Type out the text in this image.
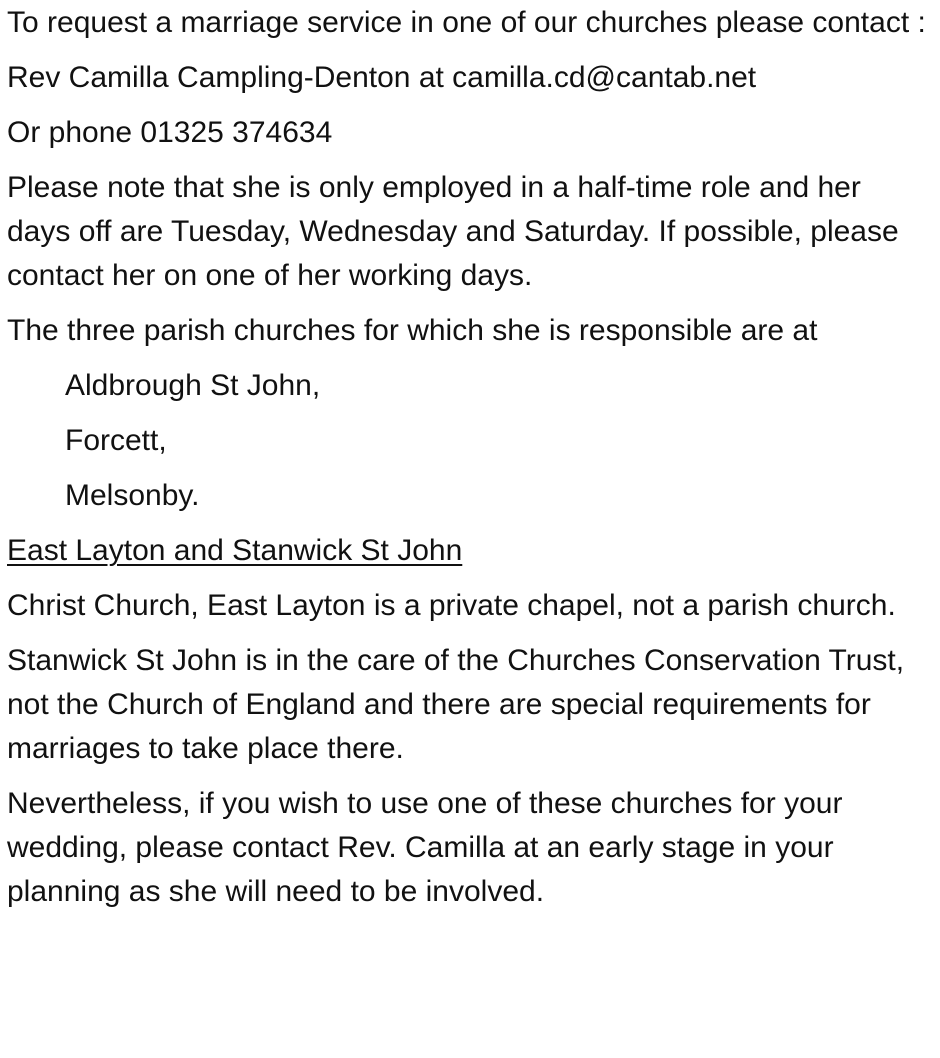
To request a marriage service in one of our churches please contact :

Rev Camilla Campling-Denton at camilla.cd@cantab.net

Or phone 01325 374634

Please note that she is only employed in a half-time role and her days off are Tuesday, Wednesday and Saturday. If possible, please contact her on one of her working days.

The three parish churches for which she is responsible are at

Aldbrough St John,

Forcett,

Melsonby.

East Layton and Stanwick St John

Christ Church, East Layton is a private chapel, not a parish church.

Stanwick St John is in the care of the Churches Conservation Trust, not the Church of England and there are special requirements for marriages to take place there.

Nevertheless, if you wish to use one of these churches for your wedding, please contact Rev. Camilla at an early stage in your planning as she will need to be involved.
